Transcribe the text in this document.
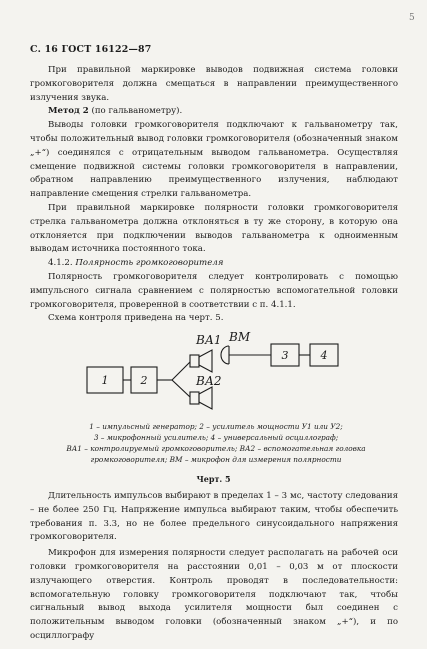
5
С. 16 ГОСТ 16122—87

При правильной маркировке выводов подвижная система головки громкоговорителя должна смещаться в направлении преимущественного излучения звука.

Метод 2 (по гальванометру).

Выводы головки громкоговорителя подключают к гальванометру так, чтобы положительный вывод головки громкоговорителя (обозначенный знаком „+“) соединялся с отрицательным выводом гальванометра. Осуществляя смещение подвижной системы головки громкоговорителя в направлении, обратном направлению преимущественного излучения, наблюдают направление смещения стрелки гальванометра.

При правильной маркировке полярности головки громкоговорителя стрелка гальванометра должна отклоняться в ту же сторону, в которую она отклоняется при подключении выводов гальванометра к одноименным выводам источника постоянного тока.

4.1.2. Полярность громкоговорителя

Полярность громкоговорителя следует контролировать с помощью импульсного сигнала сравнением с полярностью вспомогательной головки громкоговорителя, проверенной в соответствии с п. 4.1.1.

Схема контроля приведена на черт. 5.

1	2
3	4
ВА1
ВА2
ВМ
1 – импульсный генератор; 2 – усилитель мощности У1 или У2;
3 – микрофонный усилитель; 4 – универсальный осциллограф;
ВА1 – контролируемый громкоговоритель; ВА2 – вспомогательная головка
громкоговорителя; ВМ – микрофон для измерения полярности
Черт. 5

Длительность импульсов выбирают в пределах 1 – 3 мс, частоту следования – не более 250 Гц. Напряжение импульса выбирают таким, чтобы обеспечить требования п. 3.3, но не более предельного синусоидального напряжения громкоговорителя.

Микрофон для измерения полярности следует располагать на рабочей оси головки громкоговорителя на расстоянии 0,01 – 0,03 м от плоскости излучающего отверстия. Контроль проводят в последовательности: вспомогательную головку громкоговорителя подключают так, чтобы сигнальный вывод выхода усилителя мощности был соединен с положительным выводом головки (обозначенный знаком „+“), и по осциллографу
